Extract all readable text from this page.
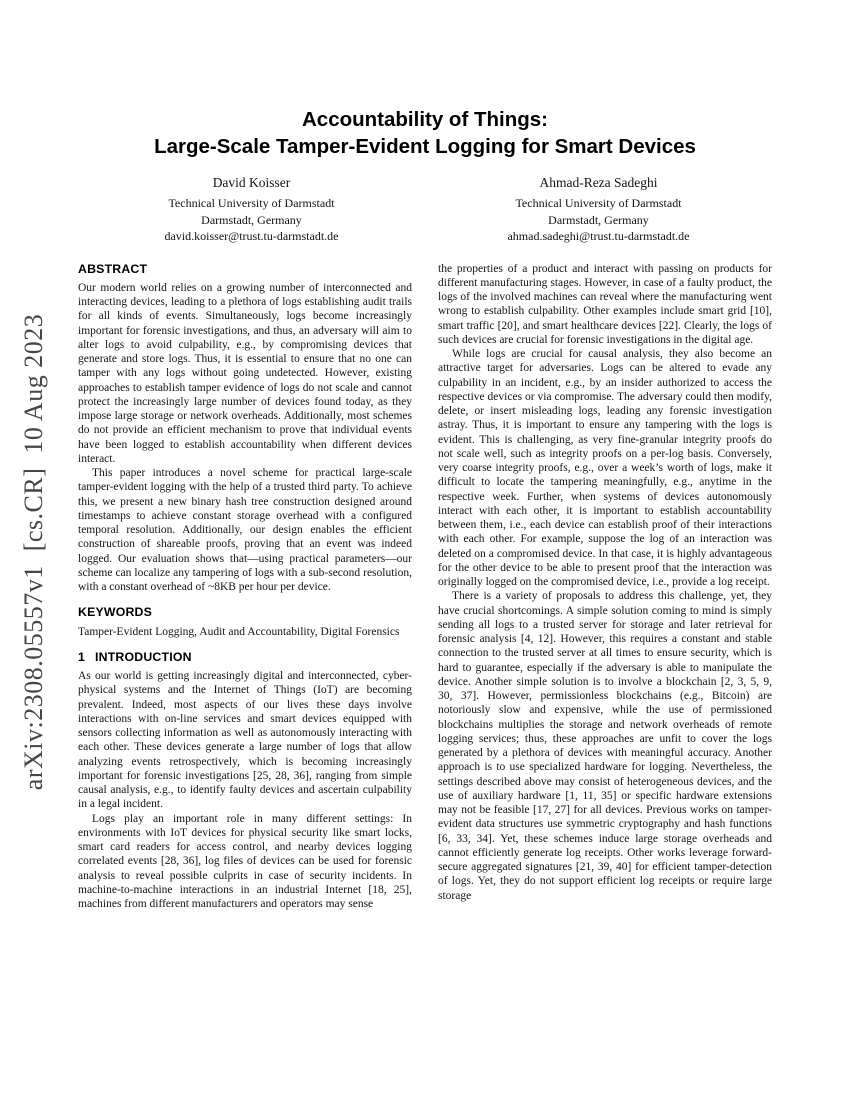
arXiv:2308.05557v1  [cs.CR]  10 Aug 2023
Accountability of Things:
Large-Scale Tamper-Evident Logging for Smart Devices
David Koisser
Technical University of Darmstadt
Darmstadt, Germany
david.koisser@trust.tu-darmstadt.de
Ahmad-Reza Sadeghi
Technical University of Darmstadt
Darmstadt, Germany
ahmad.sadeghi@trust.tu-darmstadt.de
ABSTRACT

Our modern world relies on a growing number of interconnected and interacting devices, leading to a plethora of logs establishing audit trails for all kinds of events. Simultaneously, logs become increasingly important for forensic investigations, and thus, an adversary will aim to alter logs to avoid culpability, e.g., by compromising devices that generate and store logs. Thus, it is essential to ensure that no one can tamper with any logs without going undetected. However, existing approaches to establish tamper evidence of logs do not scale and cannot protect the increasingly large number of devices found today, as they impose large storage or network overheads. Additionally, most schemes do not provide an efficient mechanism to prove that individual events have been logged to establish accountability when different devices interact.

This paper introduces a novel scheme for practical large-scale tamper-evident logging with the help of a trusted third party. To achieve this, we present a new binary hash tree construction designed around timestamps to achieve constant storage overhead with a configured temporal resolution. Additionally, our design enables the efficient construction of shareable proofs, proving that an event was indeed logged. Our evaluation shows that—using practical parameters—our scheme can localize any tampering of logs with a sub-second resolution, with a constant overhead of ~8KB per hour per device.

KEYWORDS

Tamper-Evident Logging, Audit and Accountability, Digital Forensics

1 INTRODUCTION

As our world is getting increasingly digital and interconnected, cyber-physical systems and the Internet of Things (IoT) are becoming prevalent. Indeed, most aspects of our lives these days involve interactions with on-line services and smart devices equipped with sensors collecting information as well as autonomously interacting with each other. These devices generate a large number of logs that allow analyzing events retrospectively, which is becoming increasingly important for forensic investigations [25, 28, 36], ranging from simple causal analysis, e.g., to identify faulty devices and ascertain culpability in a legal incident.

Logs play an important role in many different settings: In environments with IoT devices for physical security like smart locks, smart card readers for access control, and nearby devices logging correlated events [28, 36], log files of devices can be used for forensic analysis to reveal possible culprits in case of security incidents. In machine-to-machine interactions in an industrial Internet [18, 25], machines from different manufacturers and operators may sense

the properties of a product and interact with passing on products for different manufacturing stages. However, in case of a faulty product, the logs of the involved machines can reveal where the manufacturing went wrong to establish culpability. Other examples include smart grid [10], smart traffic [20], and smart healthcare devices [22]. Clearly, the logs of such devices are crucial for forensic investigations in the digital age.

While logs are crucial for causal analysis, they also become an attractive target for adversaries. Logs can be altered to evade any culpability in an incident, e.g., by an insider authorized to access the respective devices or via compromise. The adversary could then modify, delete, or insert misleading logs, leading any forensic investigation astray. Thus, it is important to ensure any tampering with the logs is evident. This is challenging, as very fine-granular integrity proofs do not scale well, such as integrity proofs on a per-log basis. Conversely, very coarse integrity proofs, e.g., over a week’s worth of logs, make it difficult to locate the tampering meaningfully, e.g., anytime in the respective week. Further, when systems of devices autonomously interact with each other, it is important to establish accountability between them, i.e., each device can establish proof of their interactions with each other. For example, suppose the log of an interaction was deleted on a compromised device. In that case, it is highly advantageous for the other device to be able to present proof that the interaction was originally logged on the compromised device, i.e., provide a log receipt.

There is a variety of proposals to address this challenge, yet, they have crucial shortcomings. A simple solution coming to mind is simply sending all logs to a trusted server for storage and later retrieval for forensic analysis [4, 12]. However, this requires a constant and stable connection to the trusted server at all times to ensure security, which is hard to guarantee, especially if the adversary is able to manipulate the device. Another simple solution is to involve a blockchain [2, 3, 5, 9, 30, 37]. However, permissionless blockchains (e.g., Bitcoin) are notoriously slow and expensive, while the use of permissioned blockchains multiplies the storage and network overheads of remote logging services; thus, these approaches are unfit to cover the logs generated by a plethora of devices with meaningful accuracy. Another approach is to use specialized hardware for logging. Nevertheless, the settings described above may consist of heterogeneous devices, and the use of auxiliary hardware [1, 11, 35] or specific hardware extensions may not be feasible [17, 27] for all devices. Previous works on tamper-evident data structures use symmetric cryptography and hash functions [6, 33, 34]. Yet, these schemes induce large storage overheads and cannot efficiently generate log receipts. Other works leverage forward-secure aggregated signatures [21, 39, 40] for efficient tamper-detection of logs. Yet, they do not support efficient log receipts or require large storage
